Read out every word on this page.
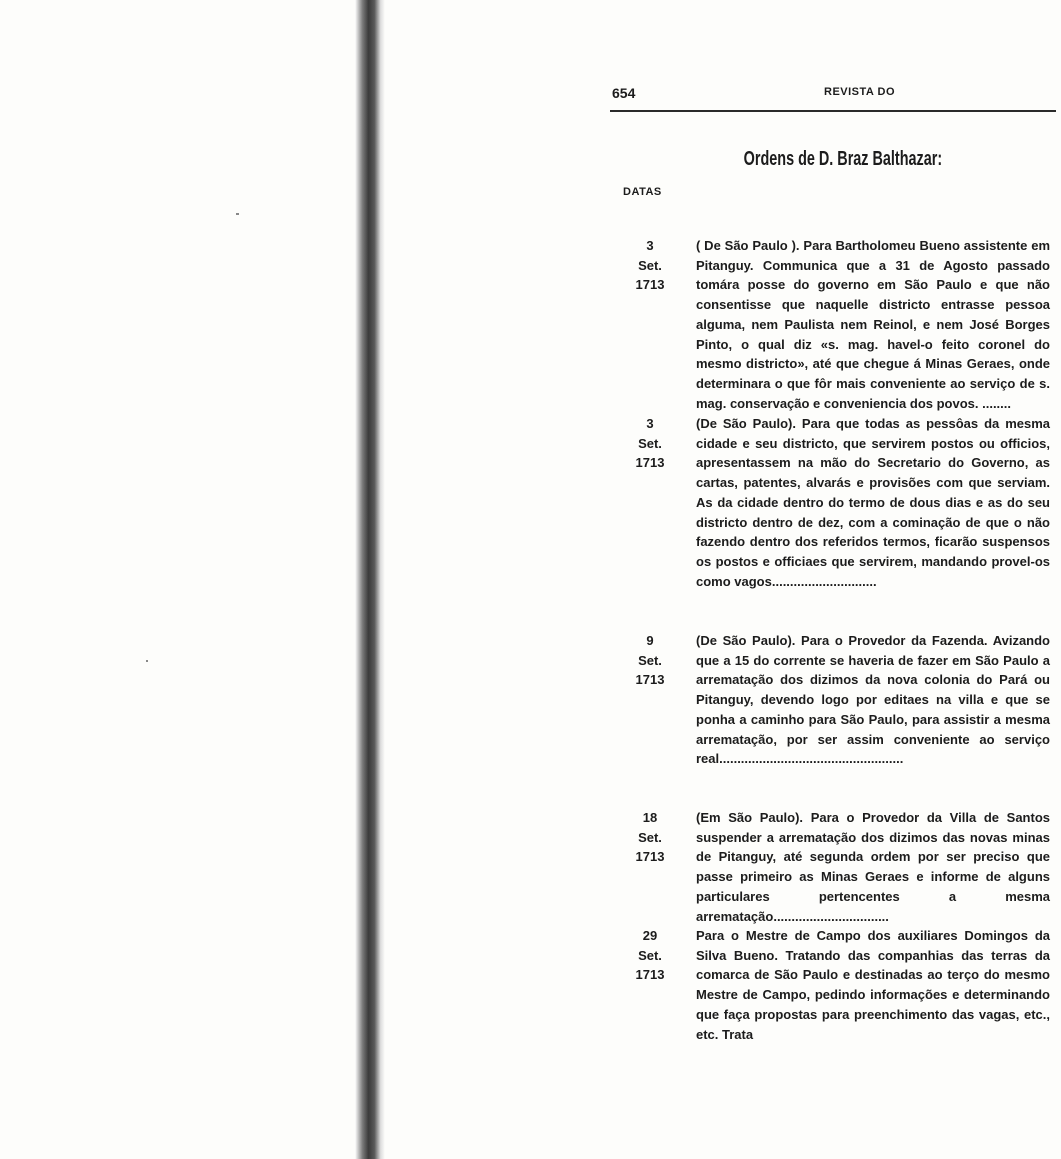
654	REVISTA DO
Ordens de D. Braz Balthazar:
DATAS
3
Set.
1713
( De São Paulo ). Para Bartholomeu Bueno assistente em Pitanguy. Communica que a 31 de Agosto passado tomára posse do governo em São Paulo e que não consentisse que naquelle districto entrasse pessoa alguma, nem Paulista nem Reinol, e nem José Borges Pinto, o qual diz «s. mag. havel-o feito coronel do mesmo districto», até que chegue á Minas Geraes, onde determinara o que fôr mais conveniente ao serviço de s. mag. conservação e conveniencia dos povos. ........
3
Set.
1713
(De São Paulo). Para que todas as pessôas da mesma cidade e seu districto, que servirem postos ou officios, apresentassem na mão do Secretario do Governo, as cartas, patentes, alvarás e provisões com que serviam. As da cidade dentro do termo de dous dias e as do seu districto dentro de dez, com a cominação de que o não fazendo dentro dos referidos termos, ficarão suspensos os postos e officiaes que servirem, mandando provel-os como vagos.............................
9
Set.
1713
(De São Paulo). Para o Provedor da Fazenda. Avizando que a 15 do corrente se haveria de fazer em São Paulo a arrematação dos dizimos da nova colonia do Pará ou Pitanguy, devendo logo por editaes na villa e que se ponha a caminho para São Paulo, para assistir a mesma arrematação, por ser assim conveniente ao serviço real...................................................
18
Set.
1713
(Em São Paulo). Para o Provedor da Villa de Santos suspender a arrematação dos dizimos das novas minas de Pitanguy, até segunda ordem por ser preciso que passe primeiro as Minas Geraes e informe de alguns particulares pertencentes a mesma arrematação................................
29
Set.
1713
Para o Mestre de Campo dos auxiliares Domingos da Silva Bueno. Tratando das companhias das terras da comarca de São Paulo e destinadas ao terço do mesmo Mestre de Campo, pedindo informações e determinando que faça propostas para preenchimento das vagas, etc., etc. Trata
